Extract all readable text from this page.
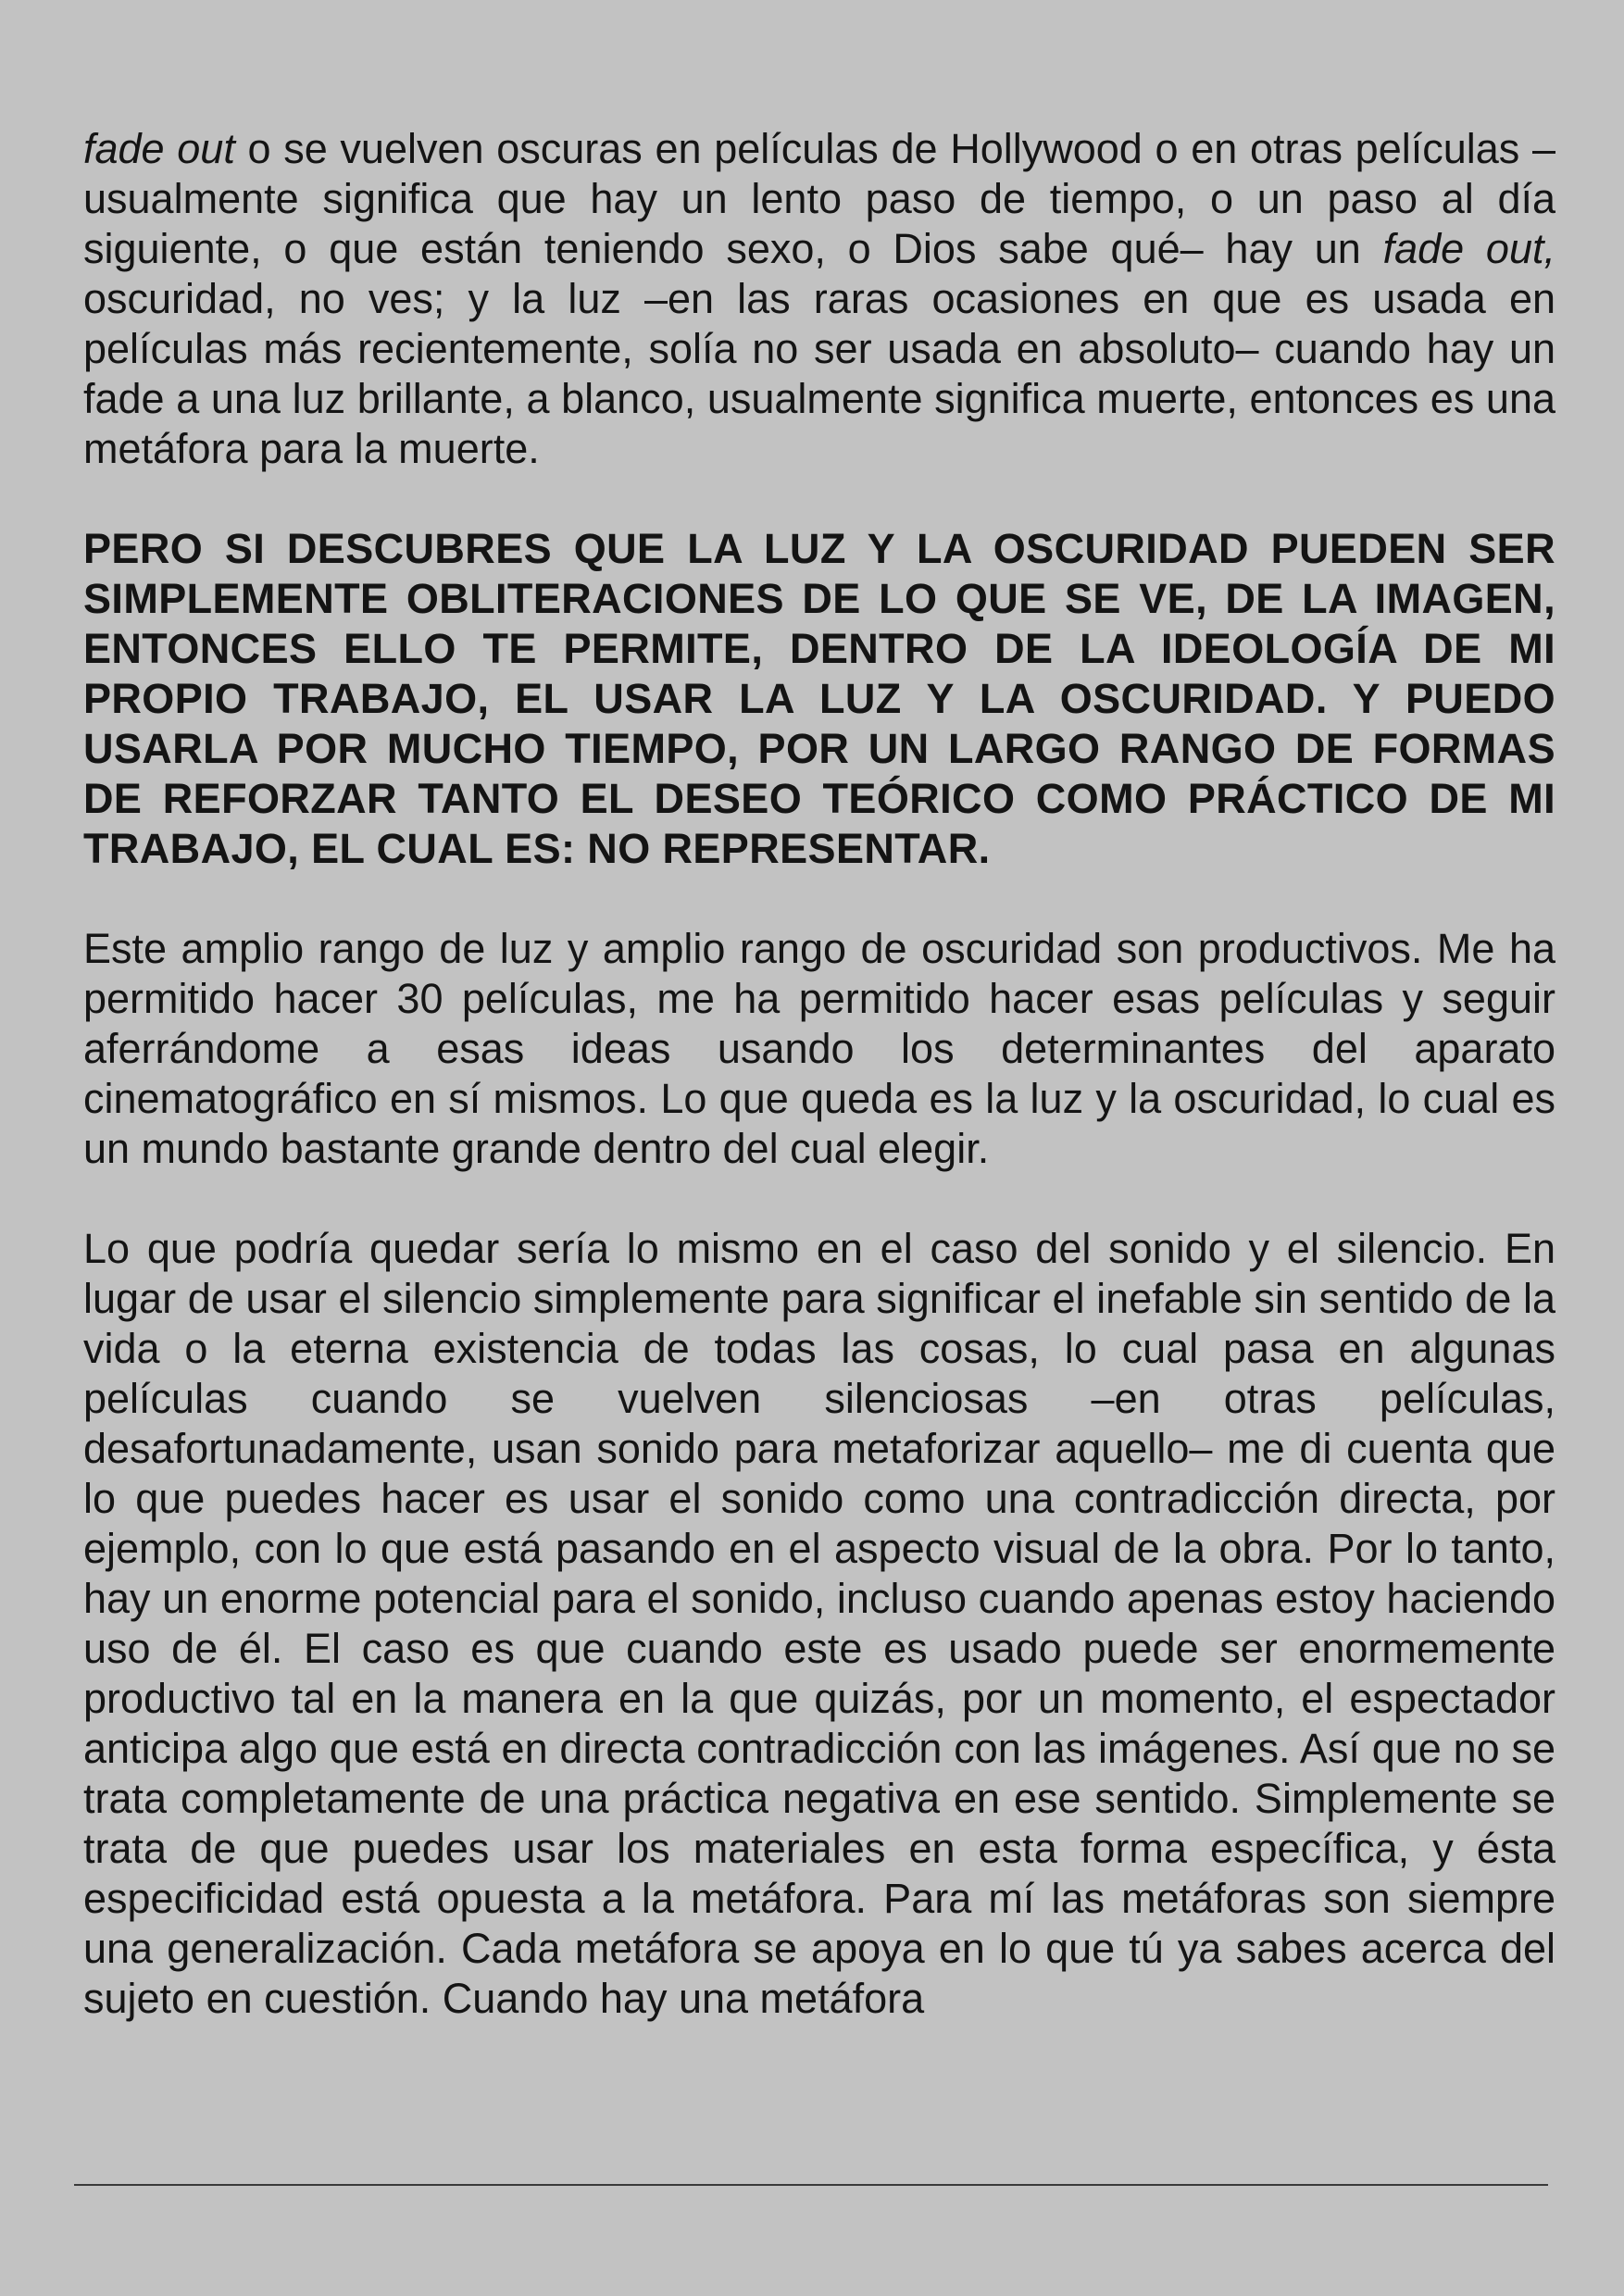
fade out o se vuelven oscuras en películas de Hollywood o en otras películas –usualmente significa que hay un lento paso de tiempo, o un paso al día siguiente, o que están teniendo sexo, o Dios sabe qué– hay un fade out, oscuridad, no ves; y la luz –en las raras ocasiones en que es usada en películas más recientemente, solía no ser usada en absoluto– cuando hay un fade a una luz brillante, a blanco, usualmente significa muerte, entonces es una metáfora para la muerte.

PERO SI DESCUBRES QUE LA LUZ Y LA OSCURIDAD PUEDEN SER SIMPLEMENTE OBLITERACIONES DE LO QUE SE VE, DE LA IMAGEN, ENTONCES ELLO TE PERMITE, DENTRO DE LA IDEOLOGÍA DE MI PROPIO TRABAJO, EL USAR LA LUZ Y LA OSCURIDAD. Y PUEDO USARLA POR MUCHO TIEMPO, POR UN LARGO RANGO DE FORMAS DE REFORZAR TANTO EL DESEO TEÓRICO COMO PRÁCTICO DE MI TRABAJO, EL CUAL ES: NO REPRESENTAR.

Este amplio rango de luz y amplio rango de oscuridad son productivos. Me ha permitido hacer 30 películas, me ha permitido hacer esas películas y seguir aferrándome a esas ideas usando los determinantes del aparato cinematográfico en sí mismos. Lo que queda es la luz y la oscuridad, lo cual es un mundo bastante grande dentro del cual elegir.

Lo que podría quedar sería lo mismo en el caso del sonido y el silencio. En lugar de usar el silencio simplemente para significar el inefable sin sentido de la vida o la eterna existencia de todas las cosas, lo cual pasa en algunas películas cuando se vuelven silenciosas –en otras películas, desafortunadamente, usan sonido para metaforizar aquello– me di cuenta que lo que puedes hacer es usar el sonido como una contradicción directa, por ejemplo, con lo que está pasando en el aspecto visual de la obra. Por lo tanto, hay un enorme potencial para el sonido, incluso cuando apenas estoy haciendo uso de él. El caso es que cuando este es usado puede ser enormemente productivo tal en la manera en la que quizás, por un momento, el espectador anticipa algo que está en directa contradicción con las imágenes. Así que no se trata completamente de una práctica negativa en ese sentido. Simplemente se trata de que puedes usar los materiales en esta forma específica, y ésta especificidad está opuesta a la metáfora. Para mí las metáforas son siempre una generalización. Cada metáfora se apoya en lo que tú ya sabes acerca del sujeto en cuestión. Cuando hay una metáfora
